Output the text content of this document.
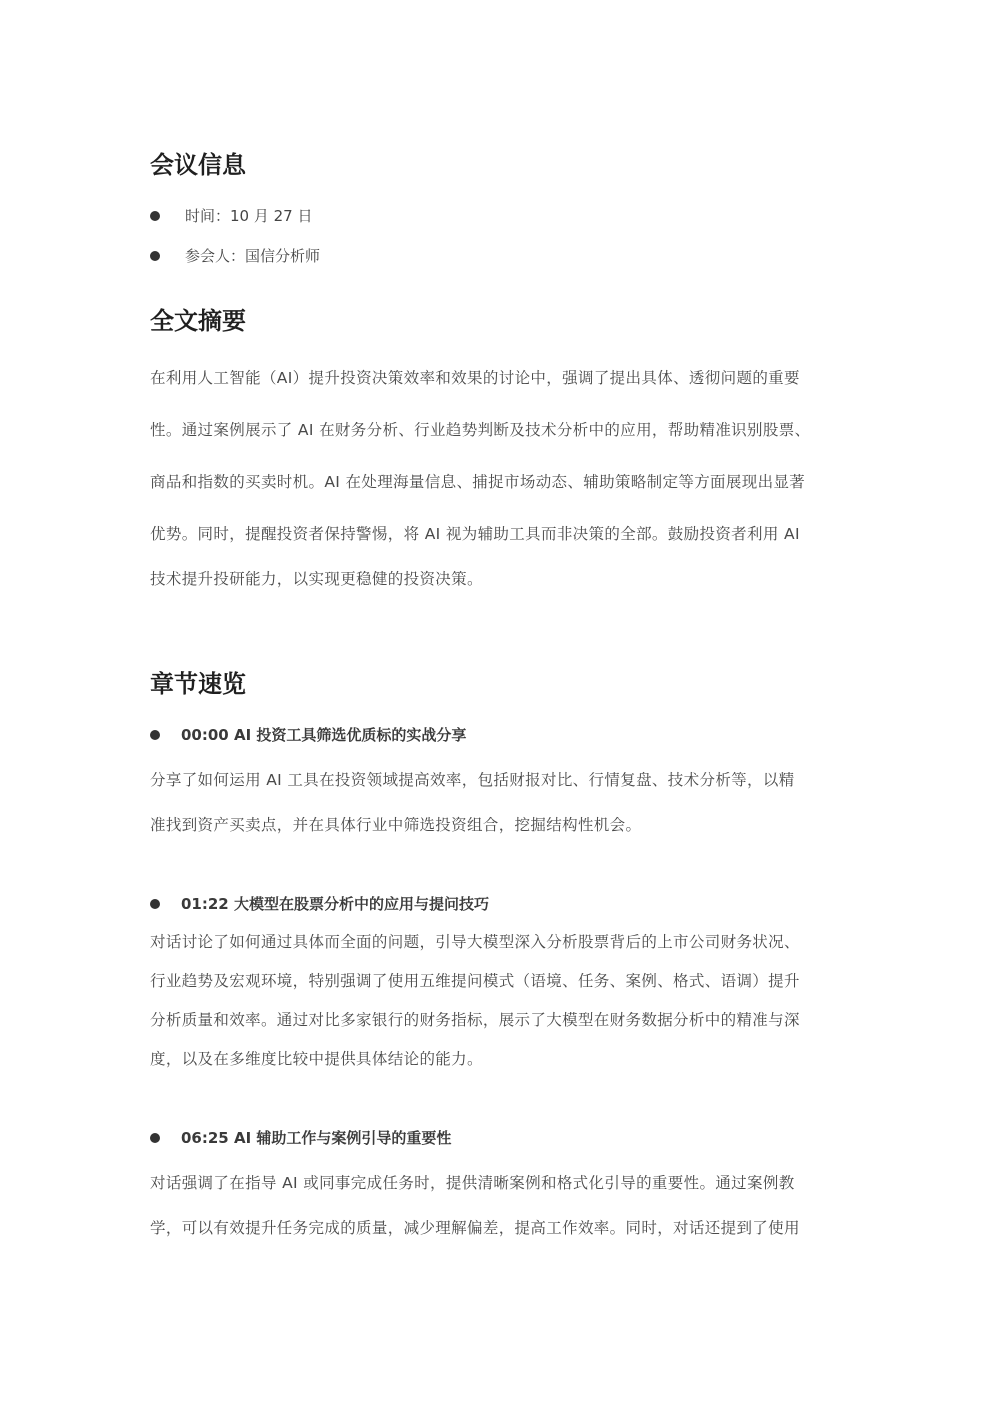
会议信息
时间：10 月 27 日
参会人：国信分析师
全文摘要
在利用人工智能（AI）提升投资决策效率和效果的讨论中，强调了提出具体、透彻问题的重要
性。通过案例展示了 AI 在财务分析、行业趋势判断及技术分析中的应用，帮助精准识别股票、
商品和指数的买卖时机。AI 在处理海量信息、捕捉市场动态、辅助策略制定等方面展现出显著
优势。同时，提醒投资者保持警惕，将 AI 视为辅助工具而非决策的全部。鼓励投资者利用 AI
技术提升投研能力，以实现更稳健的投资决策。
章节速览
00:00 AI 投资工具筛选优质标的实战分享
分享了如何运用 AI 工具在投资领域提高效率，包括财报对比、行情复盘、技术分析等，以精
准找到资产买卖点，并在具体行业中筛选投资组合，挖掘结构性机会。
01:22 大模型在股票分析中的应用与提问技巧
对话讨论了如何通过具体而全面的问题，引导大模型深入分析股票背后的上市公司财务状况、
行业趋势及宏观环境，特别强调了使用五维提问模式（语境、任务、案例、格式、语调）提升
分析质量和效率。通过对比多家银行的财务指标，展示了大模型在财务数据分析中的精准与深
度，以及在多维度比较中提供具体结论的能力。
06:25 AI 辅助工作与案例引导的重要性
对话强调了在指导 AI 或同事完成任务时，提供清晰案例和格式化引导的重要性。通过案例教
学，可以有效提升任务完成的质量，减少理解偏差，提高工作效率。同时，对话还提到了使用
